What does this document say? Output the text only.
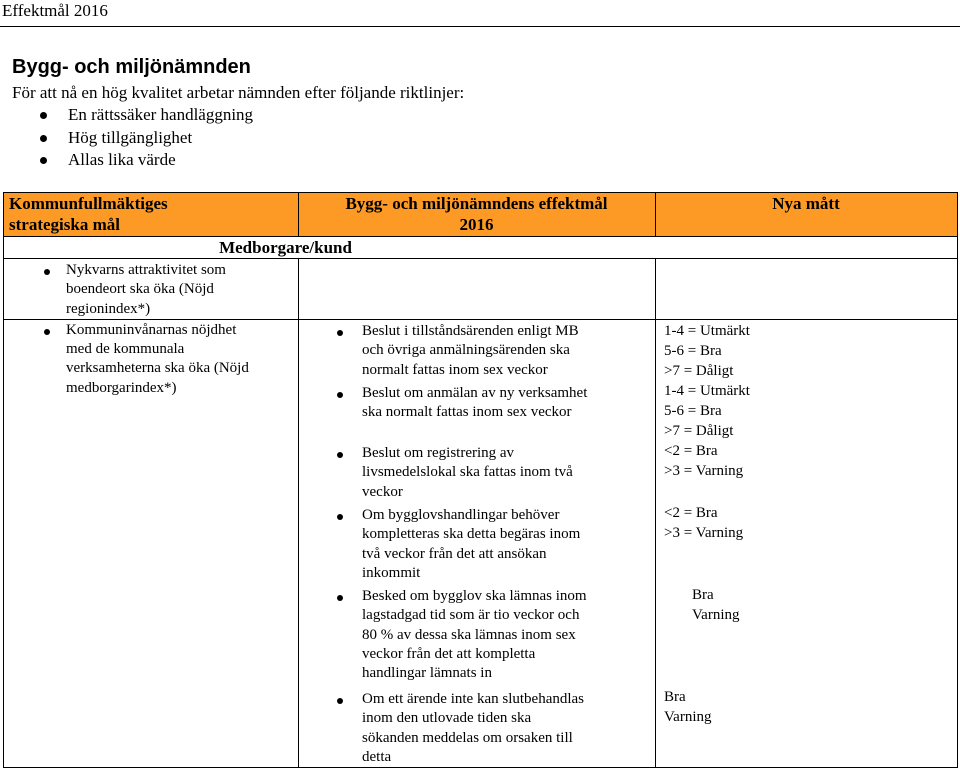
Effektmål 2016
Bygg- och miljönämnden
För att nå en hög kvalitet arbetar nämnden efter följande riktlinjer:
En rättssäker handläggning
Hög tillgänglighet
Allas lika värde
Kommunfullmäktiges
strategiska mål
Bygg- och miljönämndens effektmål
2016
Nya mått
Medborgare/kund
Nykvarns attraktivitet som
boendeort ska öka (Nöjd
regionindex*)
Kommuninvånarnas nöjdhet
med de kommunala
verksamheterna ska öka (Nöjd
medborgarindex*)
Beslut i tillståndsärenden enligt MB
och övriga anmälningsärenden ska
normalt fattas inom sex veckor
Beslut om anmälan av ny verksamhet
ska normalt fattas inom sex veckor
Beslut om registrering av
livsmedelslokal ska fattas inom två
veckor
Om bygglovshandlingar behöver
kompletteras ska detta begäras inom
två veckor från det att ansökan
inkommit
Besked om bygglov ska lämnas inom
lagstadgad tid som är tio veckor och
80 % av dessa ska lämnas inom sex
veckor från det att kompletta
handlingar lämnats in
Om ett ärende inte kan slutbehandlas
inom den utlovade tiden ska
sökanden meddelas om orsaken till
detta
1-4 = Utmärkt
5-6 = Bra
>7 = Dåligt
1-4 = Utmärkt
5-6 = Bra
>7 = Dåligt
<2 = Bra
>3 = Varning
<2 = Bra
>3 = Varning
Bra
Varning
Bra
Varning
